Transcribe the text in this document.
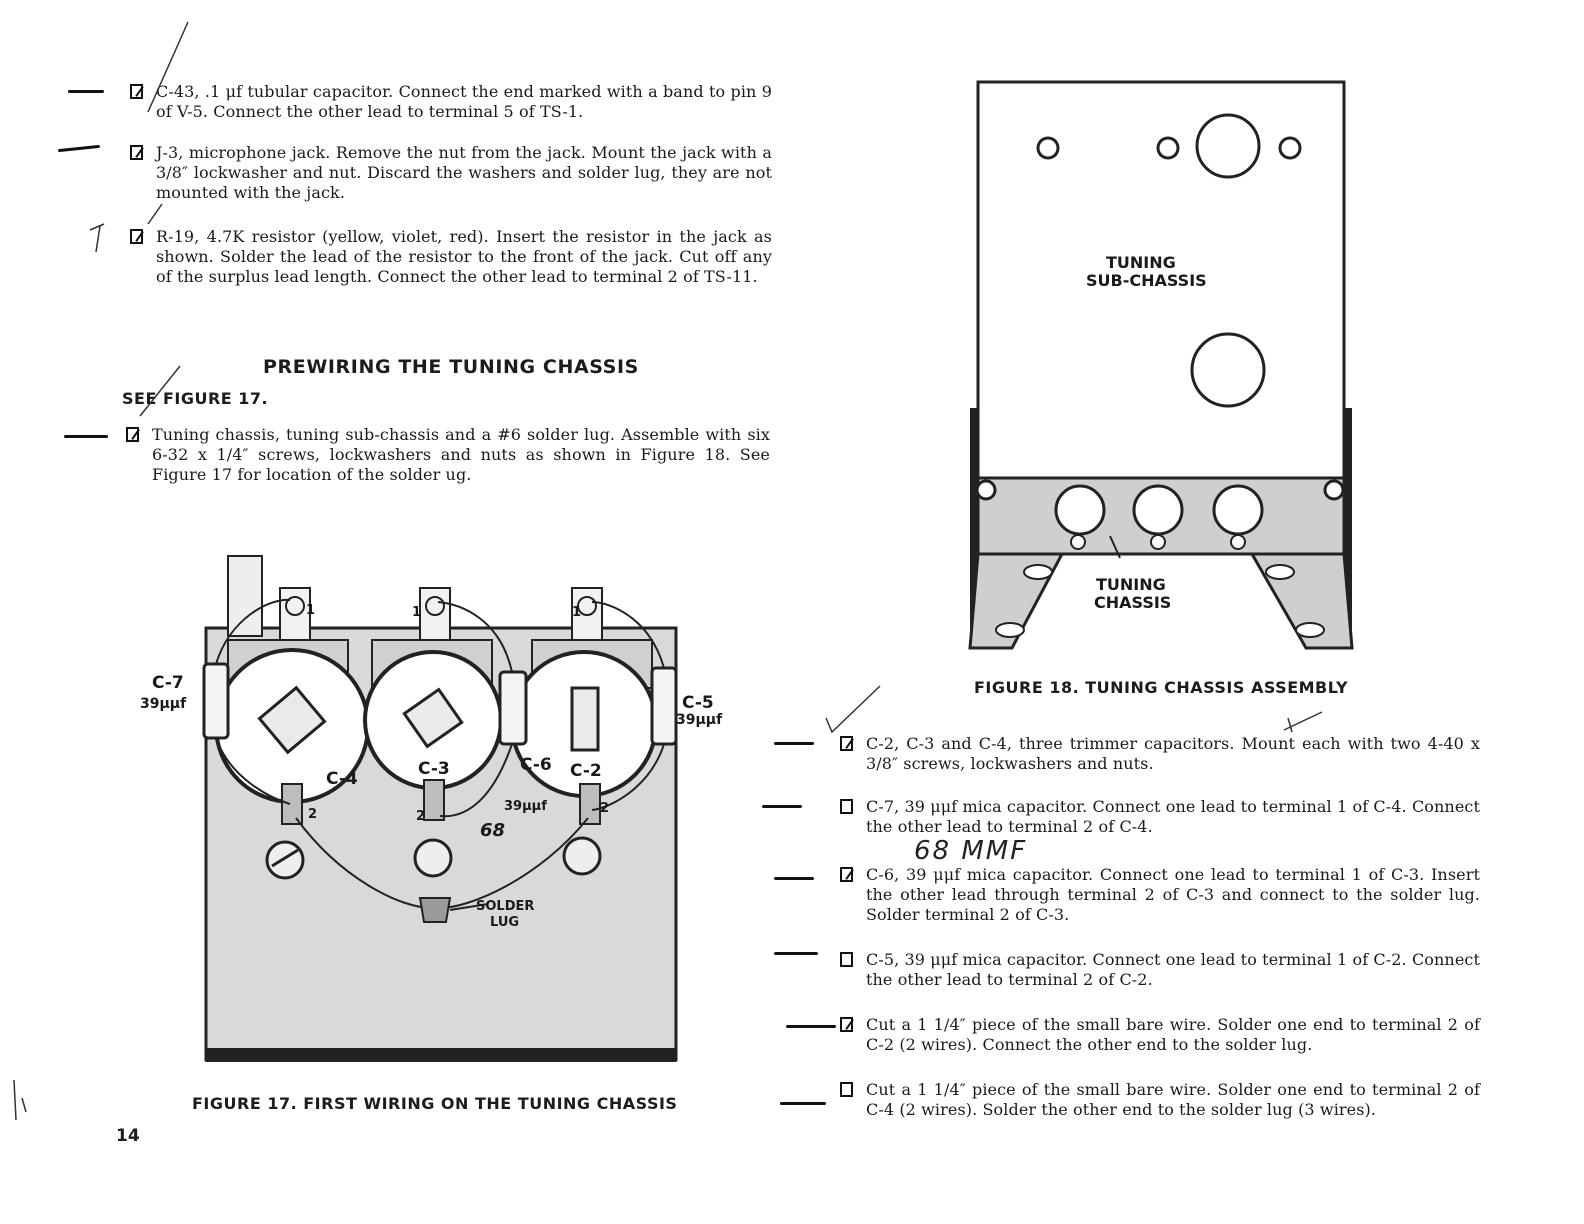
C-43, .1 μf tubular capacitor. Connect the end marked with a band to pin 9 of V-5. Connect the other lead to terminal 5 of TS-1.
J-3, microphone jack. Remove the nut from the jack. Mount the jack with a 3/8″ lockwasher and nut. Discard the washers and solder lug, they are not mounted with the jack.
R-19, 4.7K resistor (yellow, violet, red). Insert the resistor in the jack as shown. Solder the lead of the resistor to the front of the jack. Cut off any of the surplus lead length. Connect the other lead to terminal 2 of TS-11.
PREWIRING THE TUNING CHASSIS
SEE FIGURE 17.
Tuning chassis, tuning sub-chassis and a #6 solder lug. Assemble with six 6-32 x 1/4″ screws, lockwashers and nuts as shown in Figure 18. See Figure 17 for location of the solder ug.
C-7
39μμf	C-5
39μμf
C-4	C-3	C-2
C-6
39μμf
1	1	1
2	2
2
SOLDER
LUG
68
FIGURE 17. FIRST WIRING ON THE TUNING CHASSIS
14
TUNING
SUB-CHASSIS
TUNING
CHASSIS
FIGURE 18. TUNING CHASSIS ASSEMBLY
C-2, C-3 and C-4, three trimmer capacitors. Mount each with two 4-40 x 3/8″ screws, lockwashers and nuts.
C-7, 39 μμf mica capacitor. Connect one lead to terminal 1 of C-4. Connect the other lead to terminal 2 of C-4.
C-6, 39 μμf mica capacitor. Connect one lead to terminal 1 of C-3. Insert the other lead through terminal 2 of C-3 and connect to the solder lug. Solder terminal 2 of C-3.
C-5, 39 μμf mica capacitor. Connect one lead to terminal 1 of C-2. Connect the other lead to terminal 2 of C-2.
Cut a 1 1/4″ piece of the small bare wire. Solder one end to terminal 2 of C-2 (2 wires). Connect the other end to the solder lug.
Cut a 1 1/4″ piece of the small bare wire. Solder one end to terminal 2 of C-4 (2 wires). Solder the other end to the solder lug (3 wires).
68 MMF
